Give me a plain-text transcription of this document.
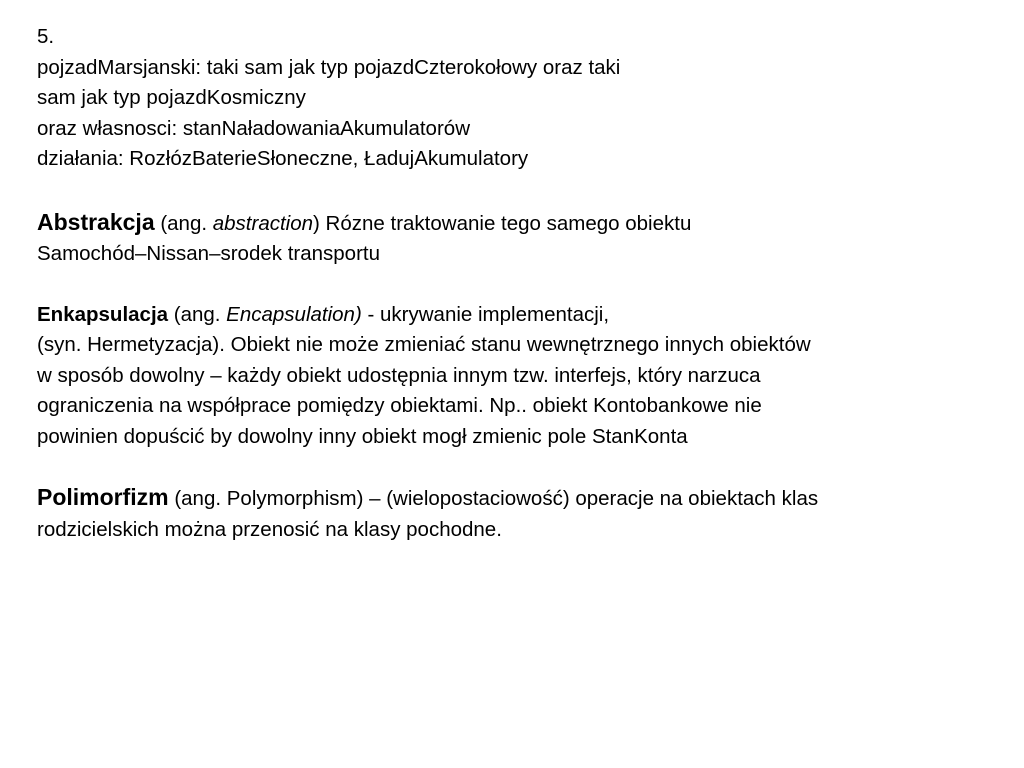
5.
pojzadMarsjanski: taki sam jak typ pojazdCzterokołowy oraz taki
sam jak typ pojazdKosmiczny
oraz własnosci: stanNaładowaniaAkumulatorów
działania: RozłózBaterieSłoneczne, ŁadujAkumulatory
Abstrakcja (ang. abstraction) Rózne traktowanie tego samego obiektu
Samochód–Nissan–srodek transportu
Enkapsulacja (ang. Encapsulation) - ukrywanie implementacji,
(syn. Hermetyzacja). Obiekt nie może zmieniać stanu wewnętrznego innych obiektów
w sposób dowolny – każdy obiekt udostępnia innym tzw. interfejs, który narzuca
ograniczenia na współprace pomiędzy obiektami. Np.. obiekt Kontobankowe nie
powinien dopuścić by dowolny inny obiekt mogł zmienic pole StanKonta
Polimorfizm (ang. Polymorphism) – (wielopostaciowość) operacje na obiektach klas
rodzicielskich można przenosić na klasy pochodne.
